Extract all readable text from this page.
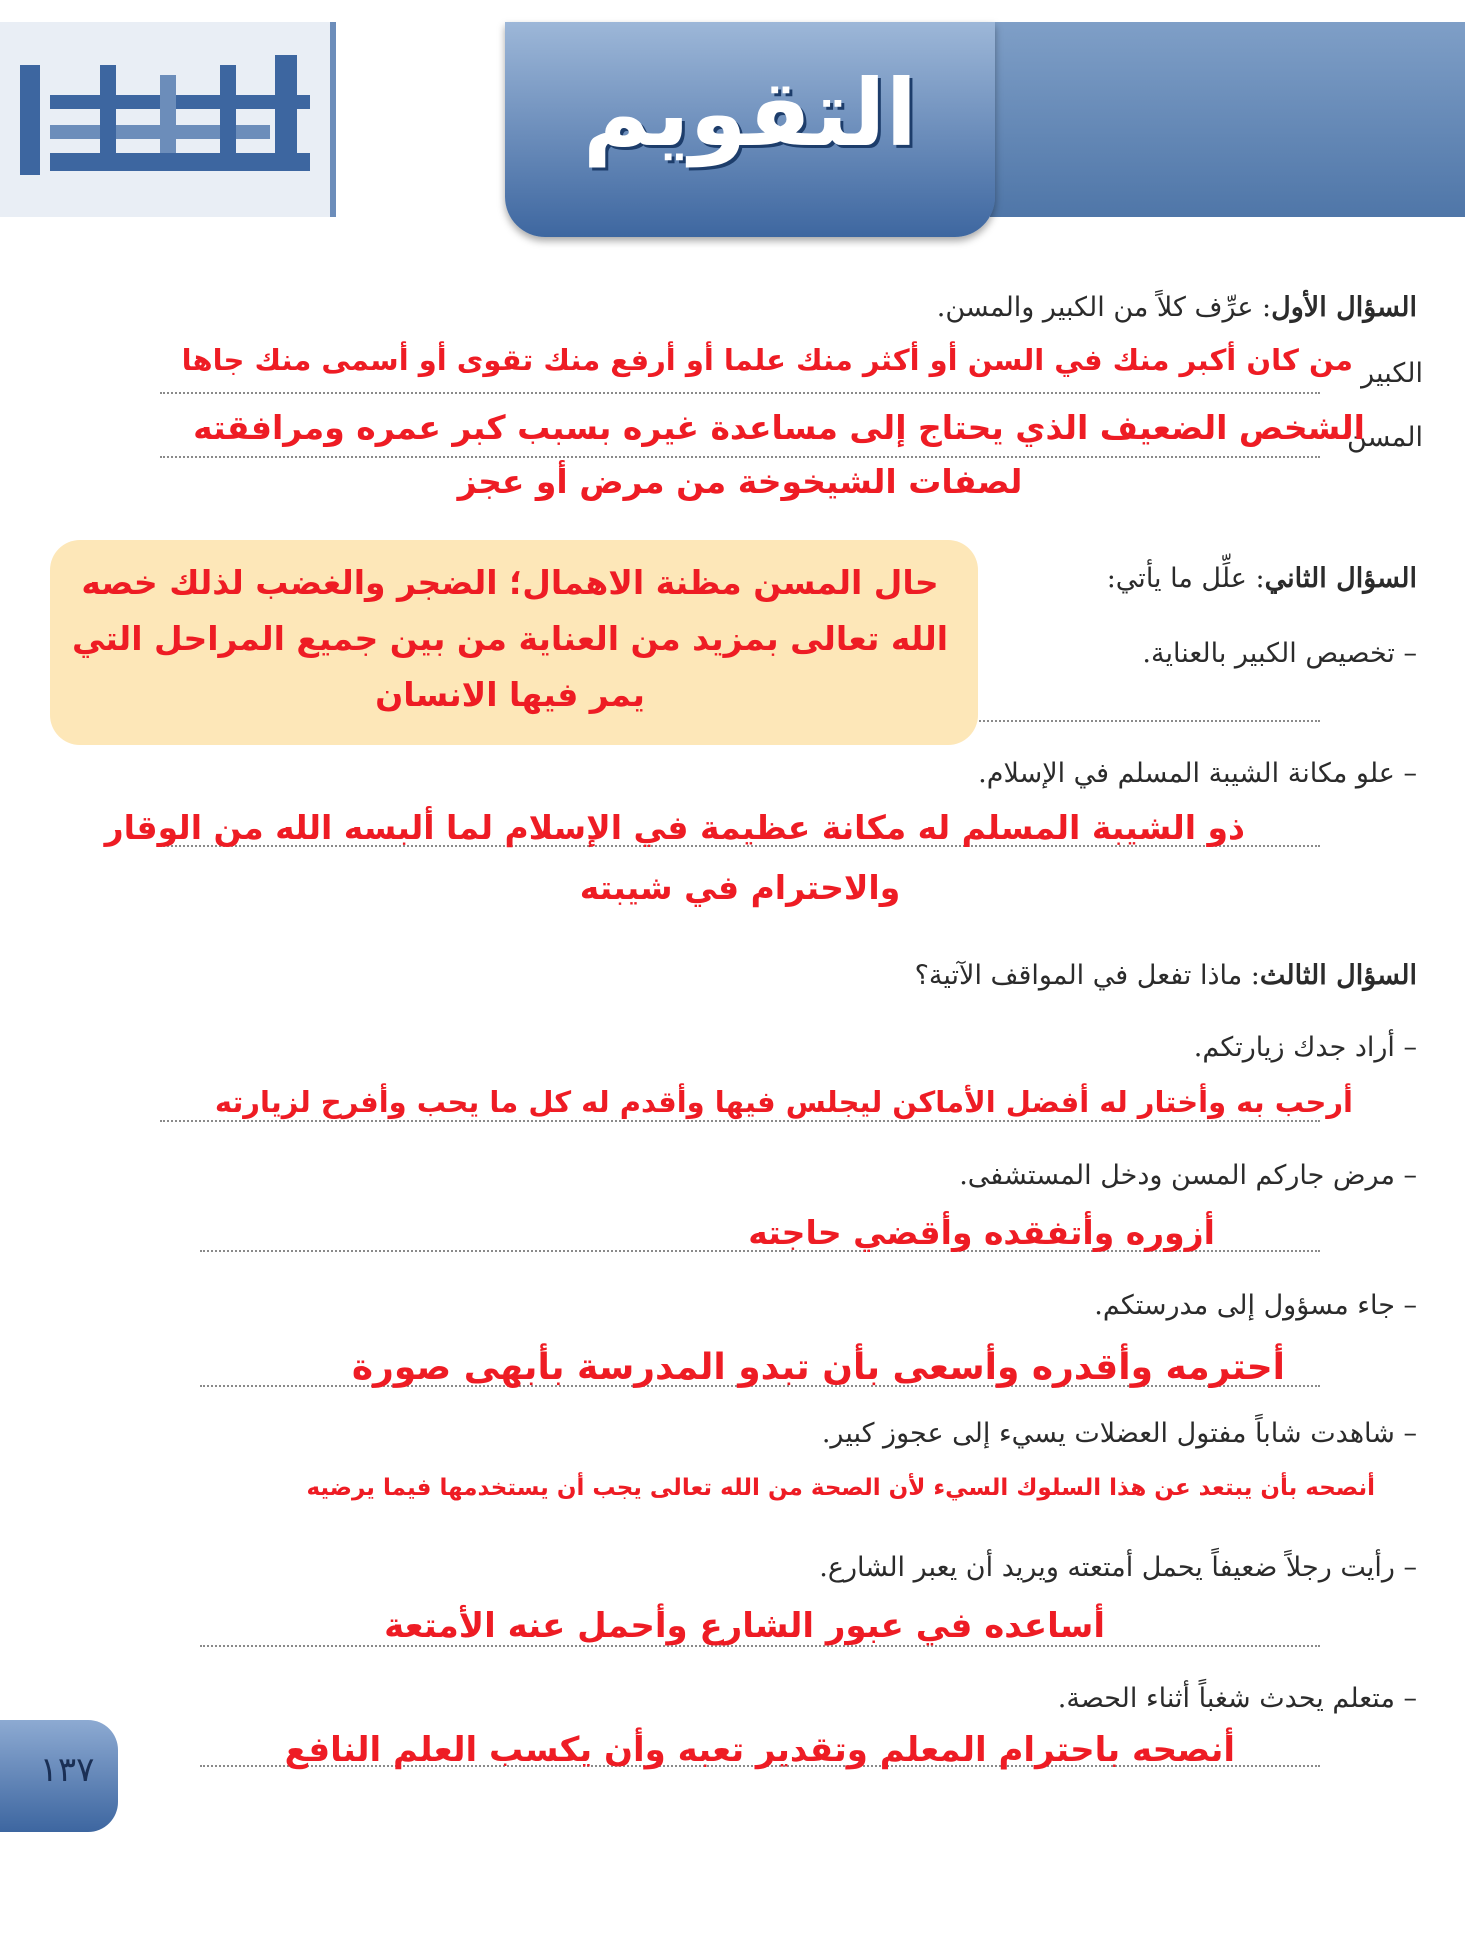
التقويم
السؤال الأول: عرِّف كلاً من الكبير والمسن.
الكبير
من كان أكبر منك في السن أو أكثر منك علما أو أرفع منك تقوى أو أسمى منك جاها
المسن
الشخص الضعيف الذي يحتاج إلى مساعدة غيره بسبب كبر عمره ومرافقته
لصفات الشيخوخة من مرض أو عجز
السؤال الثاني: علِّل ما يأتي:
– تخصيص الكبير بالعناية.
حال المسن مظنة الاهمال؛ الضجر والغضب لذلك خصه
الله تعالى بمزيد من العناية من بين جميع المراحل التي
يمر فيها الانسان
– علو مكانة الشيبة المسلم في الإسلام.
ذو الشيبة المسلم له مكانة عظيمة في الإسلام لما ألبسه الله من الوقار
والاحترام في شيبته
السؤال الثالث: ماذا تفعل في المواقف الآتية؟
– أراد جدك زيارتكم.
أرحب به وأختار له أفضل الأماكن ليجلس فيها وأقدم له كل ما يحب وأفرح لزيارته
– مرض جاركم المسن ودخل المستشفى.
أزوره وأتفقده وأقضي حاجته
– جاء مسؤول إلى مدرستكم.
أحترمه وأقدره وأسعى بأن تبدو المدرسة بأبهى صورة
– شاهدت شاباً مفتول العضلات يسيء إلى عجوز كبير.
أنصحه بأن يبتعد عن هذا السلوك السيء لأن الصحة من الله تعالى يجب أن يستخدمها فيما يرضيه
– رأيت رجلاً ضعيفاً يحمل أمتعته ويريد أن يعبر الشارع.
أساعده في عبور الشارع وأحمل عنه الأمتعة
– متعلم يحدث شغباً أثناء الحصة.
أنصحه باحترام المعلم وتقدير تعبه وأن يكسب العلم النافع
١٣٧
